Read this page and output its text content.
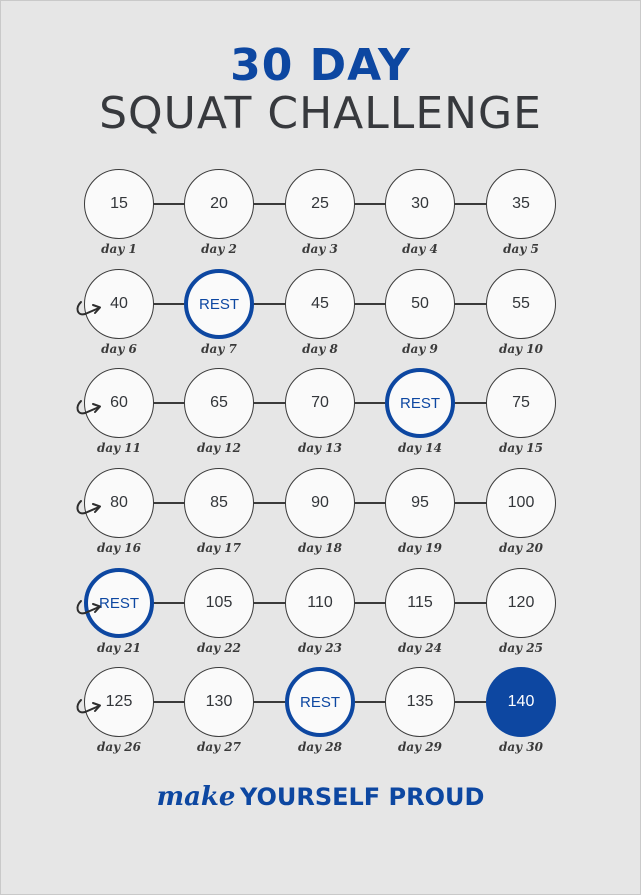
30 DAY
SQUAT CHALLENGE
15
day 1
20
day 2
25
day 3
30
day 4
35
day 5
40
day 6
REST
day 7
45
day 8
50
day 9
55
day 10
60
day 11
65
day 12
70
day 13
REST
day 14
75
day 15
80
day 16
85
day 17
90
day 18
95
day 19
100
day 20
REST
day 21
105
day 22
110
day 23
115
day 24
120
day 25
125
day 26
130
day 27
REST
day 28
135
day 29
140
day 30
make YOURSELF PROUD
